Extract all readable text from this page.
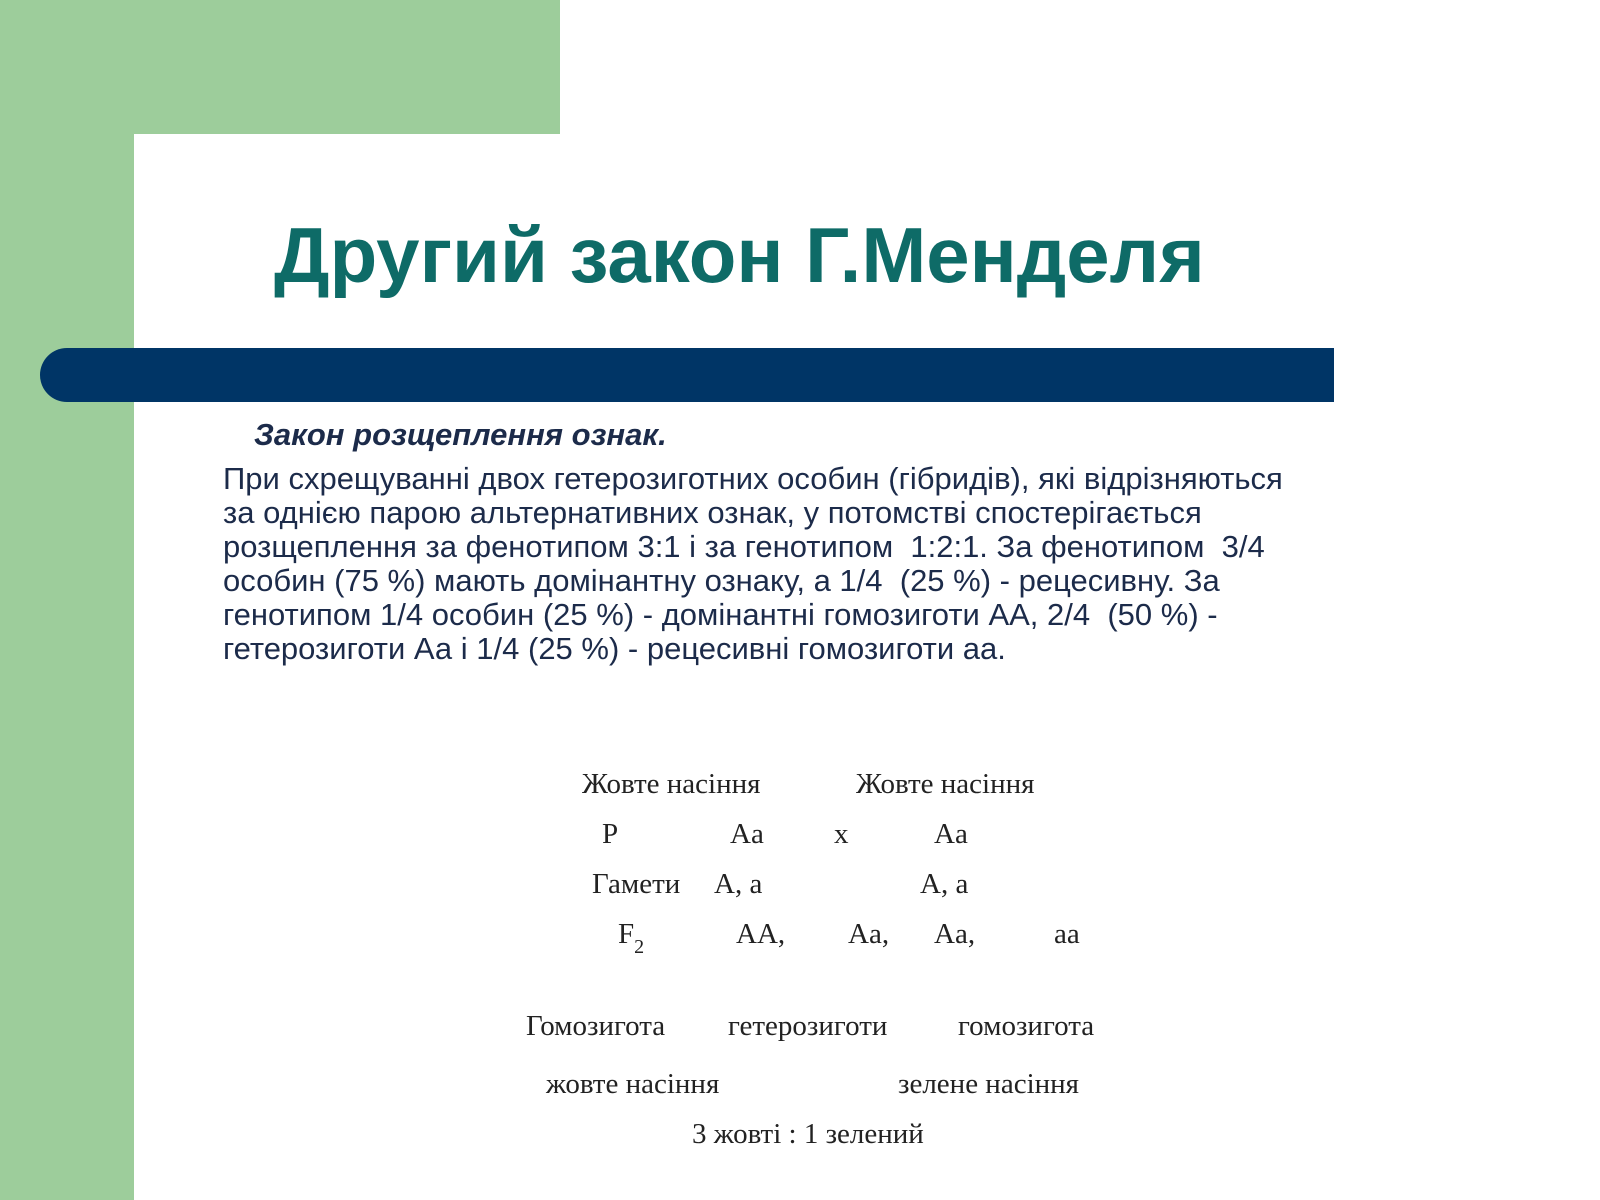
Другий закон Г.Менделя

Закон розщеплення ознак.

При схрещуванні двох гетерозиготних особин (гібридів), які відрізняються
за однією парою альтернативних ознак, у потомстві спостерігається
розщеплення за фенотипом 3:1 і за генотипом  1:2:1. За фенотипом  3/4
особин (75 %) мають домінантну ознаку, а 1/4  (25 %) - рецесивну. За
генотипом 1/4 особин (25 %) - домінантні гомозиготи АА, 2/4  (50 %) -
гетерозиготи Аа і 1/4 (25 %) - рецесивні гомозиготи аа.

Жовте насіння	Жовте насіння
P	Aa x	Aa
Гамети A, a	A, a
$F_2$	AA, Aa, Aa,	aa
Гомозигота гетерозиготи гомозигота
жовте насіння	зелене насіння
3 жовті : 1 зелений
